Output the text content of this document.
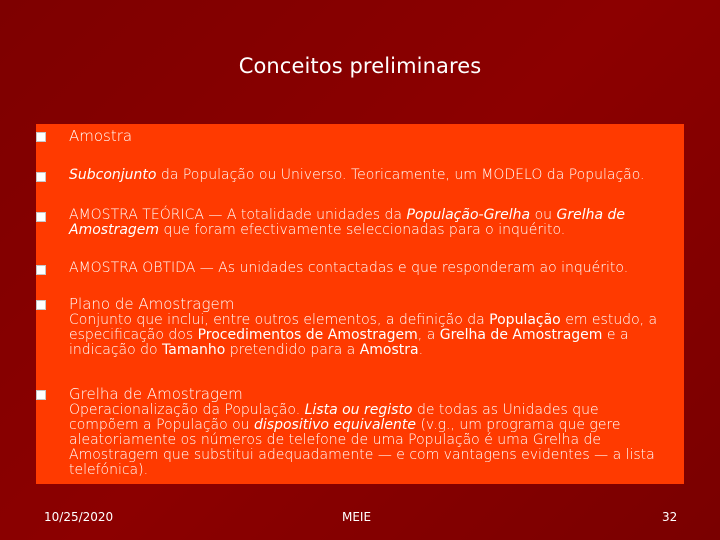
Conceitos preliminares
Amostra
Subconjunto da População ou Universo. Teoricamente, um MODELO da População.
AMOSTRA TEÓRICA — A totalidade unidades da População-Grelha ou Grelha de Amostragem que foram efectivamente seleccionadas para o inquérito.
AMOSTRA OBTIDA — As unidades contactadas e que responderam ao inquérito.
Plano de Amostragem
Conjunto que inclui, entre outros elementos, a definição da População em estudo, a especificação dos Procedimentos de Amostragem, a Grelha de Amostragem e a indicação do Tamanho pretendido para a Amostra.
Grelha de Amostragem
Operacionalização da População. Lista ou registo de todas as Unidades que compõem a População ou dispositivo equivalente (v.g., um programa que gere aleatoriamente os números de telefone de uma População é uma Grelha de Amostragem que substitui adequadamente — e com vantagens evidentes — a lista telefónica).
10/25/2020	MEIE	32
